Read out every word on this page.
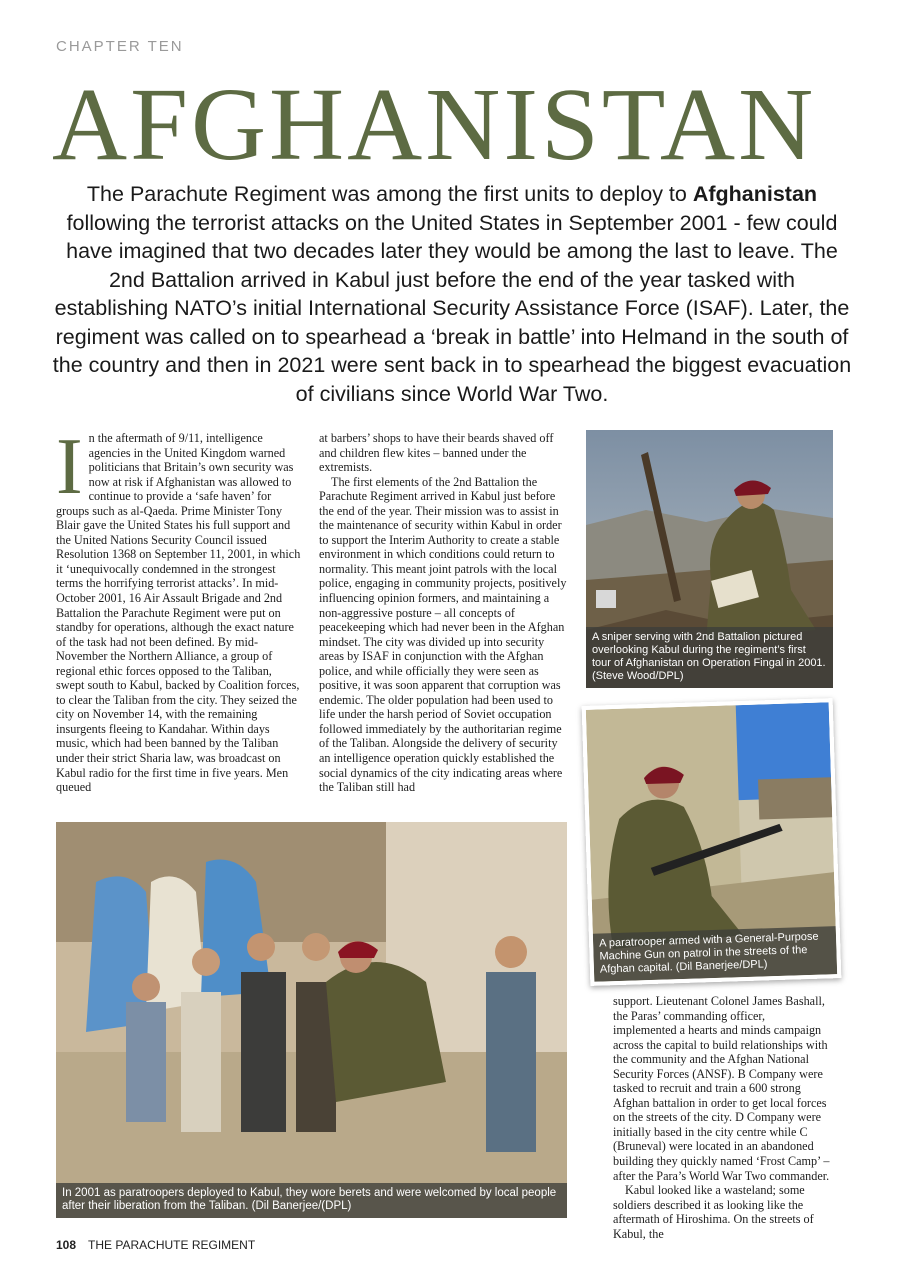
CHAPTER TEN
AFGHANISTAN
The Parachute Regiment was among the first units to deploy to Afghanistan following the terrorist attacks on the United States in September 2001 - few could have imagined that two decades later they would be among the last to leave. The 2nd Battalion arrived in Kabul just before the end of the year tasked with establishing NATO’s initial International Security Assistance Force (ISAF). Later, the regiment was called on to spearhead a ‘break in battle’ into Helmand in the south of the country and then in 2021 were sent back in to spearhead the biggest evacuation of civilians since World War Two.
I n the aftermath of 9/11, intelligence agencies in the United Kingdom warned politicians that Britain’s own security was now at risk if Afghanistan was allowed to continue to provide a ‘safe haven’ for groups such as al-Qaeda. Prime Minister Tony Blair gave the United States his full support and the United Nations Security Council issued Resolution 1368 on September 11, 2001, in which it ‘unequivocally condemned in the strongest terms the horrifying terrorist attacks’. In mid-October 2001, 16 Air Assault Brigade and 2nd Battalion the Parachute Regiment were put on standby for operations, although the exact nature of the task had not been defined. By mid-November the Northern Alliance, a group of regional ethic forces opposed to the Taliban, swept south to Kabul, backed by Coalition forces, to clear the Taliban from the city. They seized the city on November 14, with the remaining insurgents fleeing to Kandahar. Within days music, which had been banned by the Taliban under their strict Sharia law, was broadcast on Kabul radio for the first time in five years. Men queued

at barbers’ shops to have their beards shaved off and children flew kites – banned under the extremists.

The first elements of the 2nd Battalion the Parachute Regiment arrived in Kabul just before the end of the year. Their mission was to assist in the maintenance of security within Kabul in order to support the Interim Authority to create a stable environment in which conditions could return to normality. This meant joint patrols with the local police, engaging in community projects, positively influencing opinion formers, and maintaining a non-aggressive posture – all concepts of peacekeeping which had never been in the Afghan mindset. The city was divided up into security areas by ISAF in conjunction with the Afghan police, and while officially they were seen as positive, it was soon apparent that corruption was endemic. The older population had been used to life under the harsh period of Soviet occupation followed immediately by the authoritarian regime of the Taliban. Alongside the delivery of security an intelligence operation quickly established the social dynamics of the city indicating areas where the Taliban still had

A sniper serving with 2nd Battalion pictured overlooking Kabul during the regiment’s first tour of Afghanistan on Operation Fingal in 2001. (Steve Wood/DPL)
A paratrooper armed with a General-Purpose Machine Gun on patrol in the streets of the Afghan capital. (Dil Banerjee/DPL)
In 2001 as paratroopers deployed to Kabul, they wore berets and were welcomed by local people after their liberation from the Taliban. (Dil Banerjee/(DPL)

support. Lieutenant Colonel James Bashall, the Paras’ commanding officer, implemented a hearts and minds campaign across the capital to build relationships with the community and the Afghan National Security Forces (ANSF). B Company were tasked to recruit and train a 600 strong Afghan battalion in order to get local forces on the streets of the city. D Company were initially based in the city centre while C (Bruneval) were located in an abandoned building they quickly named ‘Frost Camp’ – after the Para’s World War Two commander.

Kabul looked like a wasteland; some soldiers described it as looking like the aftermath of Hiroshima. On the streets of Kabul, the

108 THE PARACHUTE REGIMENT
